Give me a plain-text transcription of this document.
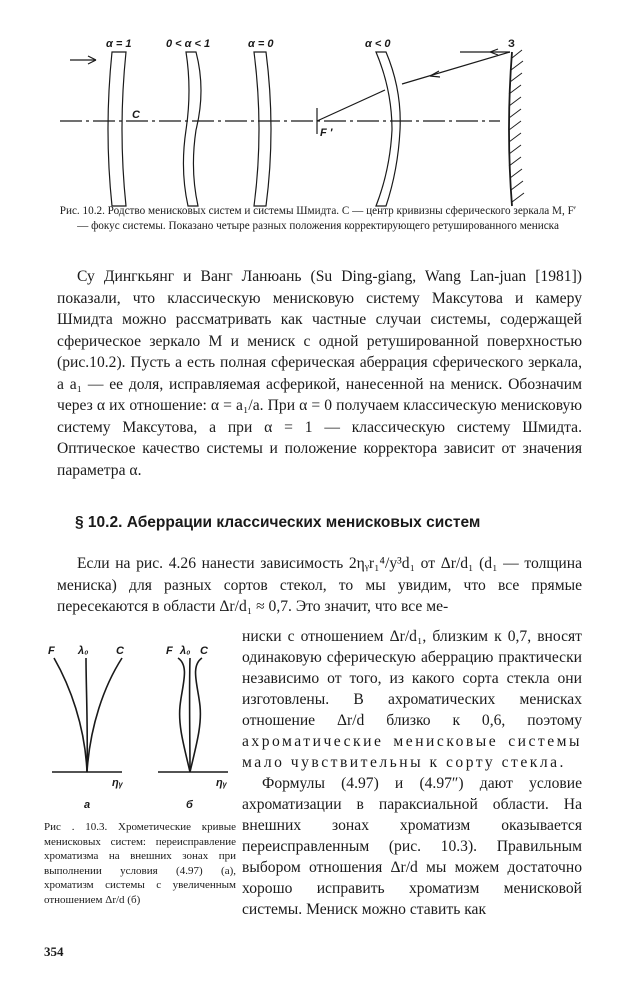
α = 1	0 < α < 1	α = 0	α < 0	З
C
F ′
Рис. 10.2. Родство менисковых систем и системы Шмидта. C — центр кривизны сферического зеркала M, F′ — фокус системы. Показано четыре разных положения корректирующего ретушированного мениска

Су Дингкьянг и Ванг Ланюань (Su Ding-giang, Wang Lan-juan [1981]) показали, что классическую менисковую систему Максутова и камеру Шмидта можно рассматривать как частные случаи системы, содержащей сферическое зеркало M и мениск с одной ретушированной поверхностью (рис.10.2). Пусть a есть полная сферическая аберрация сферического зеркала, а a₁ — ее доля, исправляемая асферикой, нанесенной на мениск. Обозначим через α их отношение: α = a₁/a. При α = 0 получаем классическую менисковую систему Максутова, а при α = 1 — классическую систему Шмидта. Оптическое качество системы и положение корректора зависит от значения параметра α.

§ 10.2. Аберрации классических менисковых систем

Если на рис. 4.26 нанести зависимость 2ηᵧr₁⁴/y³d₁ от Δr/d₁ (d₁ — толщина мениска) для разных сортов стекол, то мы увидим, что все прямые пересекаются в области Δr/d₁ ≈ 0,7. Это значит, что все ме-

F λ₀	C
ηᵧ
а
F λ₀ C
ηᵧ
б
Рис . 10.3. Хрометические кривые менисковых систем: переисправление хроматизма на внешних зонах при выполнении условия (4.97) (а), хроматизм системы с увеличенным отношением Δr/d (б)

ниски с отношением Δr/d₁, близким к 0,7, вносят одинаковую сферическую аберрацию практически независимо от того, из какого сорта стекла они изготовлены. В ахроматических менисках отношение Δr/d близко к 0,6, поэтому ахроматические менисковые системы мало чувствительны к сорту стекла.

Формулы (4.97) и (4.97″) дают условие ахроматизации в параксиальной области. На внешних зонах хроматизм оказывается переисправленным (рис. 10.3). Правильным выбором отношения Δr/d мы можем достаточно хорошо исправить хроматизм менисковой системы. Мениск можно ставить как

354
